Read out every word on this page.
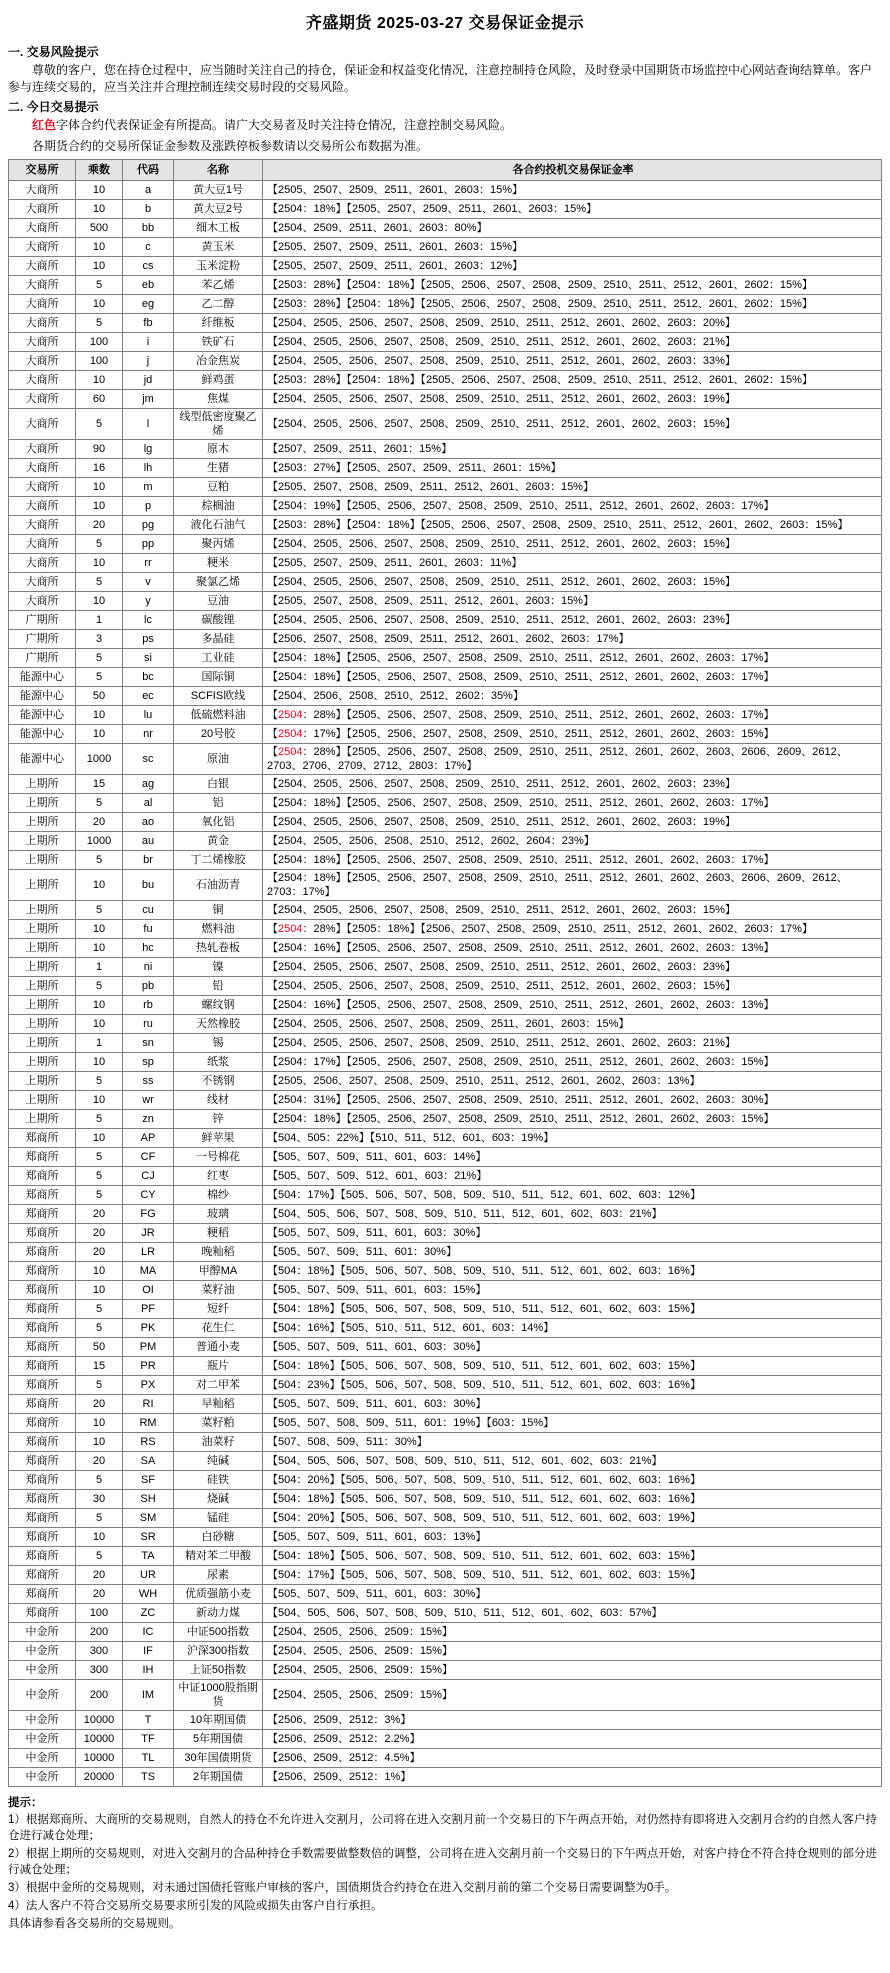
齐盛期货 2025-03-27 交易保证金提示
一. 交易风险提示
尊敬的客户，您在持仓过程中，应当随时关注自己的持仓，保证金和权益变化情况，注意控制持仓风险，及时登录中国期货市场监控中心网站查询结算单。客户参与连续交易的，应当关注并合理控制连续交易时段的交易风险。
二. 今日交易提示
红色字体合约代表保证金有所提高。请广大交易者及时关注持仓情况，注意控制交易风险。
各期货合约的交易所保证金参数及涨跌停板参数请以交易所公布数据为准。
交易所	乘数	代码	名称	各合约投机交易保证金率
大商所	10	a	黄大豆1号	【2505、2507、2509、2511、2601、2603：15%】
大商所	10	b	黄大豆2号	【2504：18%】【2505、2507、2509、2511、2601、2603：15%】
大商所	500	bb	细木工板	【2504、2509、2511、2601、2603：80%】
大商所	10	c	黄玉米	【2505、2507、2509、2511、2601、2603：15%】
大商所	10	cs	玉米淀粉	【2505、2507、2509、2511、2601、2603：12%】
大商所	5	eb	苯乙烯	【2503：28%】【2504：18%】【2505、2506、2507、2508、2509、2510、2511、2512、2601、2602：15%】
大商所	10	eg	乙二醇	【2503：28%】【2504：18%】【2505、2506、2507、2508、2509、2510、2511、2512、2601、2602：15%】
大商所	5	fb	纤维板	【2504、2505、2506、2507、2508、2509、2510、2511、2512、2601、2602、2603：20%】
大商所	100	i	铁矿石	【2504、2505、2506、2507、2508、2509、2510、2511、2512、2601、2602、2603：21%】
大商所	100	j	冶金焦炭	【2504、2505、2506、2507、2508、2509、2510、2511、2512、2601、2602、2603：33%】
大商所	10	jd	鲜鸡蛋	【2503：28%】【2504：18%】【2505、2506、2507、2508、2509、2510、2511、2512、2601、2602：15%】
大商所	60	jm	焦煤	【2504、2505、2506、2507、2508、2509、2510、2511、2512、2601、2602、2603：19%】
大商所	5	l	线型低密度聚乙烯	【2504、2505、2506、2507、2508、2509、2510、2511、2512、2601、2602、2603：15%】
大商所	90	lg	原木	【2507、2509、2511、2601：15%】
大商所	16	lh	生猪	【2503：27%】【2505、2507、2509、2511、2601：15%】
大商所	10	m	豆粕	【2505、2507、2508、2509、2511、2512、2601、2603：15%】
大商所	10	p	棕榈油	【2504：19%】【2505、2506、2507、2508、2509、2510、2511、2512、2601、2602、2603：17%】
大商所	20	pg	液化石油气	【2503：28%】【2504：18%】【2505、2506、2507、2508、2509、2510、2511、2512、2601、2602、2603：15%】
大商所	5	pp	聚丙烯	【2504、2505、2506、2507、2508、2509、2510、2511、2512、2601、2602、2603：15%】
大商所	10	rr	粳米	【2505、2507、2509、2511、2601、2603：11%】
大商所	5	v	聚氯乙烯	【2504、2505、2506、2507、2508、2509、2510、2511、2512、2601、2602、2603：15%】
大商所	10	y	豆油	【2505、2507、2508、2509、2511、2512、2601、2603：15%】
广期所	1	lc	碳酸锂	【2504、2505、2506、2507、2508、2509、2510、2511、2512、2601、2602、2603：23%】
广期所	3	ps	多晶硅	【2506、2507、2508、2509、2511、2512、2601、2602、2603：17%】
广期所	5	si	工业硅	【2504：18%】【2505、2506、2507、2508、2509、2510、2511、2512、2601、2602、2603：17%】
能源中心	5	bc	国际铜	【2504：18%】【2505、2506、2507、2508、2509、2510、2511、2512、2601、2602、2603：17%】
能源中心	50	ec	SCFIS欧线	【2504、2506、2508、2510、2512、2602：35%】
能源中心	10	lu	低硫燃料油	【2504：28%】【2505、2506、2507、2508、2509、2510、2511、2512、2601、2602、2603：17%】
能源中心	10	nr	20号胶	【2504：17%】【2505、2506、2507、2508、2509、2510、2511、2512、2601、2602、2603：15%】
能源中心	1000	sc	原油	【2504：28%】【2505、2506、2507、2508、2509、2510、2511、2512、2601、2602、2603、2606、2609、2612、2703、2706、2709、2712、2803：17%】
上期所	15	ag	白银	【2504、2505、2506、2507、2508、2509、2510、2511、2512、2601、2602、2603：23%】
上期所	5	al	铝	【2504：18%】【2505、2506、2507、2508、2509、2510、2511、2512、2601、2602、2603：17%】
上期所	20	ao	氧化铝	【2504、2505、2506、2507、2508、2509、2510、2511、2512、2601、2602、2603：19%】
上期所	1000	au	黄金	【2504、2505、2506、2508、2510、2512、2602、2604：23%】
上期所	5	br	丁二烯橡胶	【2504：18%】【2505、2506、2507、2508、2509、2510、2511、2512、2601、2602、2603：17%】
上期所	10	bu	石油沥青	【2504：18%】【2505、2506、2507、2508、2509、2510、2511、2512、2601、2602、2603、2606、2609、2612、2703：17%】
上期所	5	cu	铜	【2504、2505、2506、2507、2508、2509、2510、2511、2512、2601、2602、2603：15%】
上期所	10	fu	燃料油	【2504：28%】【2505：18%】【2506、2507、2508、2509、2510、2511、2512、2601、2602、2603：17%】
上期所	10	hc	热轧卷板	【2504：16%】【2505、2506、2507、2508、2509、2510、2511、2512、2601、2602、2603：13%】
上期所	1	ni	镍	【2504、2505、2506、2507、2508、2509、2510、2511、2512、2601、2602、2603：23%】
上期所	5	pb	铅	【2504、2505、2506、2507、2508、2509、2510、2511、2512、2601、2602、2603：15%】
上期所	10	rb	螺纹钢	【2504：16%】【2505、2506、2507、2508、2509、2510、2511、2512、2601、2602、2603：13%】
上期所	10	ru	天然橡胶	【2504、2505、2506、2507、2508、2509、2511、2601、2603：15%】
上期所	1	sn	锡	【2504、2505、2506、2507、2508、2509、2510、2511、2512、2601、2602、2603：21%】
上期所	10	sp	纸浆	【2504：17%】【2505、2506、2507、2508、2509、2510、2511、2512、2601、2602、2603：15%】
上期所	5	ss	不锈钢	【2505、2506、2507、2508、2509、2510、2511、2512、2601、2602、2603：13%】
上期所	10	wr	线材	【2504：31%】【2505、2506、2507、2508、2509、2510、2511、2512、2601、2602、2603：30%】
上期所	5	zn	锌	【2504：18%】【2505、2506、2507、2508、2509、2510、2511、2512、2601、2602、2603：15%】
郑商所	10	AP	鲜苹果	【504、505：22%】【510、511、512、601、603：19%】
郑商所	5	CF	一号棉花	【505、507、509、511、601、603：14%】
郑商所	5	CJ	红枣	【505、507、509、512、601、603：21%】
郑商所	5	CY	棉纱	【504：17%】【505、506、507、508、509、510、511、512、601、602、603：12%】
郑商所	20	FG	玻璃	【504、505、506、507、508、509、510、511、512、601、602、603：21%】
郑商所	20	JR	粳稻	【505、507、509、511、601、603：30%】
郑商所	20	LR	晚籼稻	【505、507、509、511、601：30%】
郑商所	10	MA	甲醇MA	【504：18%】【505、506、507、508、509、510、511、512、601、602、603：16%】
郑商所	10	OI	菜籽油	【505、507、509、511、601、603：15%】
郑商所	5	PF	短纤	【504：18%】【505、506、507、508、509、510、511、512、601、602、603：15%】
郑商所	5	PK	花生仁	【504：16%】【505、510、511、512、601、603：14%】
郑商所	50	PM	普通小麦	【505、507、509、511、601、603：30%】
郑商所	15	PR	瓶片	【504：18%】【505、506、507、508、509、510、511、512、601、602、603：15%】
郑商所	5	PX	对二甲苯	【504：23%】【505、506、507、508、509、510、511、512、601、602、603：16%】
郑商所	20	RI	早籼稻	【505、507、509、511、601、603：30%】
郑商所	10	RM	菜籽粕	【505、507、508、509、511、601：19%】【603：15%】
郑商所	10	RS	油菜籽	【507、508、509、511：30%】
郑商所	20	SA	纯碱	【504、505、506、507、508、509、510、511、512、601、602、603：21%】
郑商所	5	SF	硅铁	【504：20%】【505、506、507、508、509、510、511、512、601、602、603：16%】
郑商所	30	SH	烧碱	【504：18%】【505、506、507、508、509、510、511、512、601、602、603：16%】
郑商所	5	SM	锰硅	【504：20%】【505、506、507、508、509、510、511、512、601、602、603：19%】
郑商所	10	SR	白砂糖	【505、507、509、511、601、603：13%】
郑商所	5	TA	精对苯二甲酸	【504：18%】【505、506、507、508、509、510、511、512、601、602、603：15%】
郑商所	20	UR	尿素	【504：17%】【505、506、507、508、509、510、511、512、601、602、603：15%】
郑商所	20	WH	优质强筋小麦	【505、507、509、511、601、603：30%】
郑商所	100	ZC	新动力煤	【504、505、506、507、508、509、510、511、512、601、602、603：57%】
中金所	200	IC	中证500指数	【2504、2505、2506、2509：15%】
中金所	300	IF	沪深300指数	【2504、2505、2506、2509：15%】
中金所	300	IH	上证50指数	【2504、2505、2506、2509：15%】
中金所	200	IM	中证1000股指期货	【2504、2505、2506、2509：15%】
中金所	10000	T	10年期国债	【2506、2509、2512：3%】
中金所	10000	TF	5年期国债	【2506、2509、2512：2.2%】
中金所	10000	TL	30年国债期货	【2506、2509、2512：4.5%】
中金所	20000	TS	2年期国债	【2506、2509、2512：1%】
提示：

1）根据郑商所、大商所的交易规则，自然人的持仓不允许进入交割月，公司将在进入交割月前一个交易日的下午两点开始，对仍然持有即将进入交割月合约的自然人客户持仓进行减仓处理；

2）根据上期所的交易规则，对进入交割月的合品种持仓手数需要做整数倍的调整，公司将在进入交割月前一个交易日的下午两点开始，对客户持仓不符合持仓规则的部分进行减仓处理；

3）根据中金所的交易规则，对未通过国债托管账户审核的客户，国债期货合约持仓在进入交割月前的第二个交易日需要调整为0手。

4）法人客户不符合交易所交易要求所引发的风险或损失由客户自行承担。

具体请参看各交易所的交易规则。
